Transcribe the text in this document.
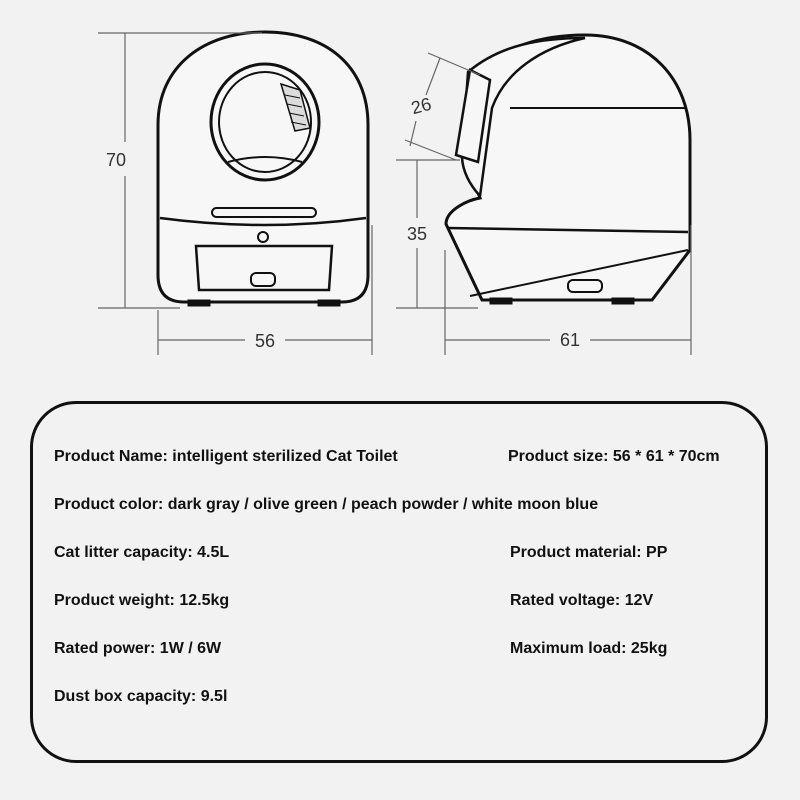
70
56
26
35
61
Product Name: intelligent sterilized Cat Toilet	Product size: 56 * 61 * 70cm
Product color: dark gray / olive green / peach powder / white moon blue
Cat litter capacity: 4.5L	Product material: PP
Product weight: 12.5kg	Rated voltage: 12V
Rated power: 1W / 6W	Maximum load: 25kg
Dust box capacity: 9.5l
